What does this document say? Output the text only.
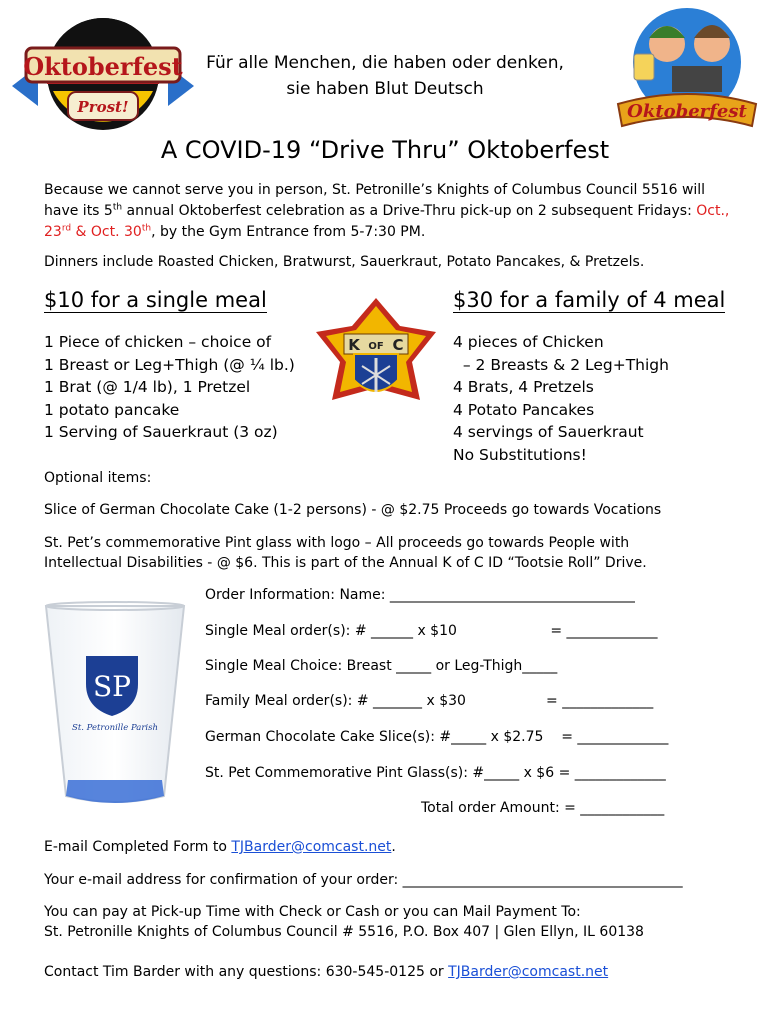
Oktoberfest
Prost!
Für alle Menchen, die haben oder denken,
sie haben Blut Deutsch
Oktoberfest
A COVID-19 “Drive Thru” Oktoberfest
Because we cannot serve you in person, St. Petronille’s Knights of Columbus Council 5516 will have its 5th annual Oktoberfest celebration as a Drive-Thru pick-up on 2 subsequent Fridays: Oct., 23rd & Oct. 30th, by the Gym Entrance from 5-7:30 PM.
Dinners include Roasted Chicken, Bratwurst, Sauerkraut, Potato Pancakes, & Pretzels.
$10 for a single meal	$30 for a family of 4 meal
1 Piece of chicken – choice of
1 Breast or Leg+Thigh (@ ¼ lb.)
1 Brat (@ 1/4 lb), 1 Pretzel
1 potato pancake
1 Serving of Sauerkraut (3 oz)
K OF C	4 pieces of Chicken
– 2 Breasts & 2 Leg+Thigh
4 Brats, 4 Pretzels
4 Potato Pancakes
4 servings of Sauerkraut
No Substitutions!
Optional items:
Slice of German Chocolate Cake (1-2 persons) - @ $2.75 Proceeds go towards Vocations
St. Pet’s commemorative Pint glass with logo – All proceeds go towards People with
Intellectual Disabilities - @ $6. This is part of the Annual K of C ID “Tootsie Roll” Drive.
SP
St. Petronille Parish
Order Information: Name: ___________________________________
Single Meal order(s): # ______ x $10                     = _____________
Single Meal Choice: Breast _____ or Leg-Thigh_____
Family Meal order(s): # _______ x $30                  = _____________
German Chocolate Cake Slice(s): #_____ x $2.75    = _____________
St. Pet Commemorative Pint Glass(s): #_____ x $6 = _____________
Total order Amount: = ____________
E-mail Completed Form to TJBarder@comcast.net.
Your e-mail address for confirmation of your order: ________________________________________
You can pay at Pick-up Time with Check or Cash or you can Mail Payment To:
St. Petronille Knights of Columbus Council # 5516, P.O. Box 407 | Glen Ellyn, IL 60138
Contact Tim Barder with any questions: 630-545-0125 or TJBarder@comcast.net
